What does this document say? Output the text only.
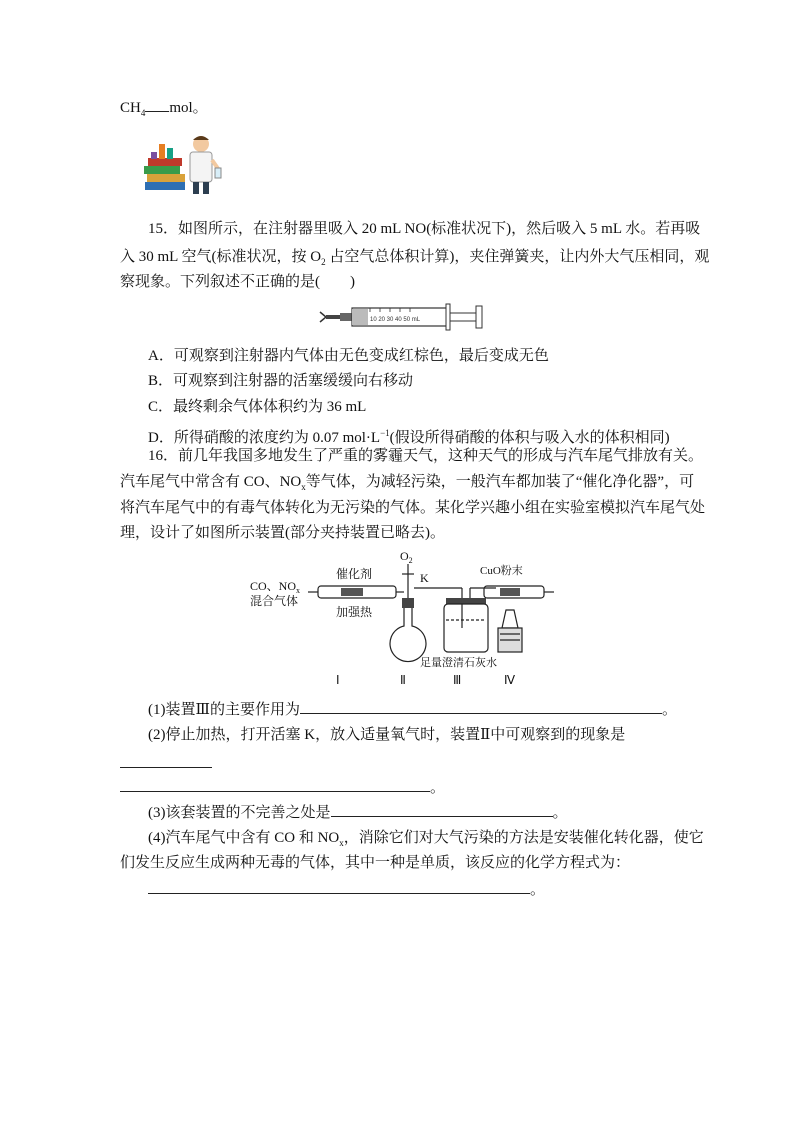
$CH_4$ mol。
15．如图所示，在注射器里吸入 20 mL NO(标准状况下)，然后吸入 5 mL 水。若再吸
入 30 mL 空气(标准状况，按 $O_2$ 占空气总体积计算)，夹住弹簧夹，让内外大气压相同，观
察现象。下列叙述不正确的是(　　)
10 20 30 40 50 mL
A．可观察到注射器内气体由无色变成红棕色，最后变成无色
B．可观察到注射器的活塞缓缓向右移动
C．最终剩余气体体积约为 36 mL
D．所得硝酸的浓度约为 0.07 $mol\cdot L^{-1}$(假设所得硝酸的体积与吸入水的体积相同)
16．前几年我国多地发生了严重的雾霾天气，这种天气的形成与汽车尾气排放有关。
汽车尾气中常含有 CO、$NO_x$等气体，为减轻污染，一般汽车都加装了“催化净化器”，可
将汽车尾气中的有毒气体转化为无污染的气体。某化学兴趣小组在实验室模拟汽车尾气处
理，设计了如图所示装置(部分夹持装置已略去)。
CO、$NO_x$
混合气体
催化剂
加强热
$O_2$
K	CuO粉末
足量澄清石灰水
Ⅰ	Ⅱ	Ⅲ	Ⅳ
(1)装置Ⅲ的主要作用为	。
(2)停止加热，打开活塞 K，放入适量氧气时，装置Ⅱ中可观察到的现象是
。
(3)该套装置的不完善之处是	。
(4)汽车尾气中含有 CO 和 $NO_x$，消除它们对大气污染的方法是安装催化转化器，使它
们发生反应生成两种无毒的气体，其中一种是单质，该反应的化学方程式为：
。
